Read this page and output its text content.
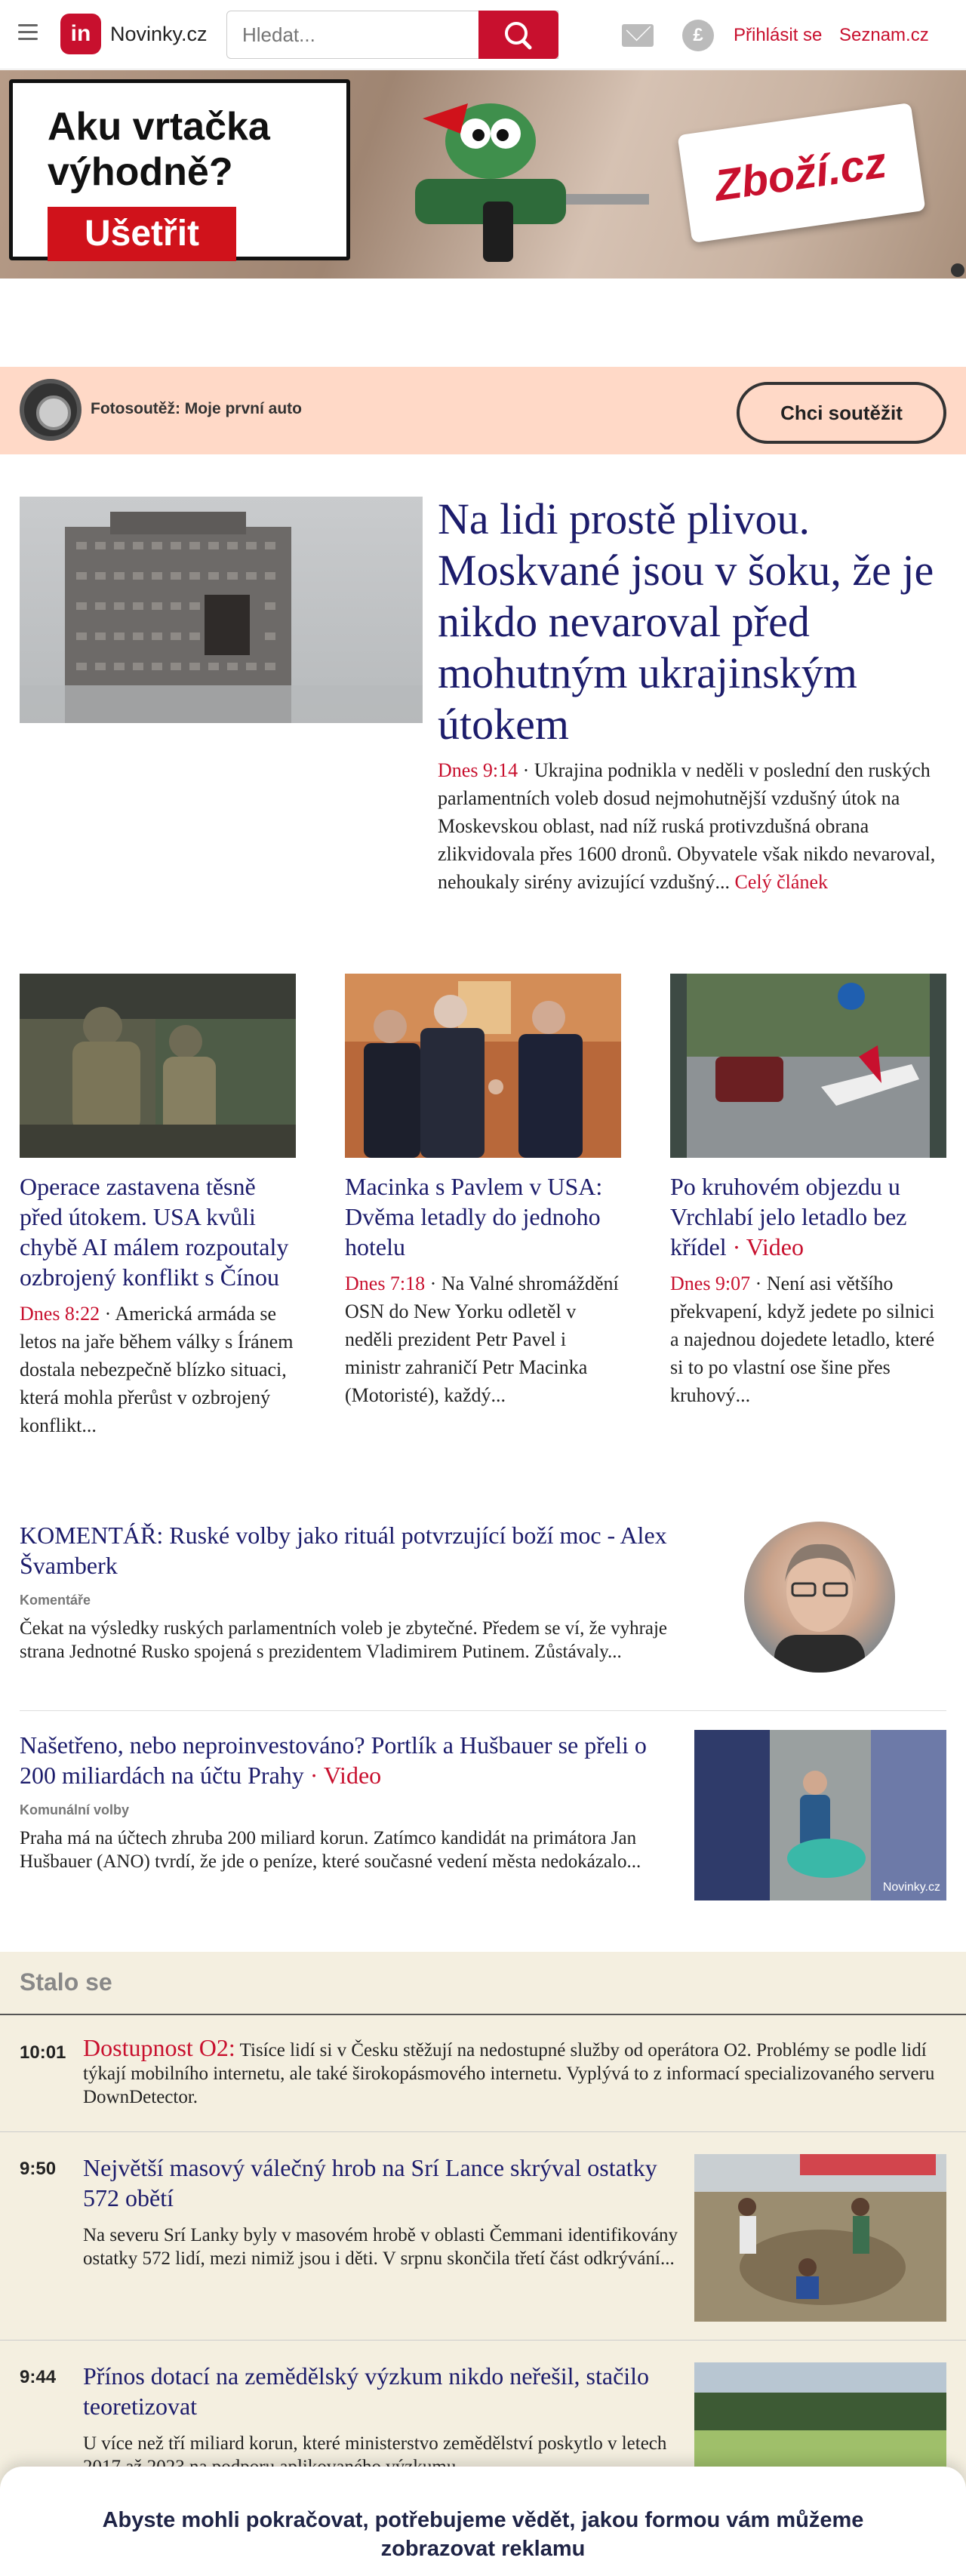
in Novinky.cz
Hledat...	£	Přihlásit se Seznam.cz
Aku vrtačka výhodně?
Ušetřit
Zboží.cz
Fotosoutěž: Moje první auto	Chci soutěžit
Na lidi prostě plivou. Moskvané jsou v šoku, že je nikdo nevaroval před mohutným ukrajinským útokem
Dnes 9:14 · Ukrajina podnikla v neděli v poslední den ruských parlamentních voleb dosud nejmohutnější vzdušný útok na Moskevskou oblast, nad níž ruská protivzdušná obrana zlikvidovala přes 1600 dronů. Obyvatele však nikdo nevaroval, nehoukaly sirény avizující vzdušný... Celý článek
Operace zastavena těsně před útokem. USA kvůli chybě AI málem rozpoutaly ozbrojený konflikt s Čínou
Dnes 8:22 · Americká armáda se letos na jaře během války s Íránem dostala nebezpečně blízko situaci, která mohla přerůst v ozbrojený konflikt...
Macinka s Pavlem v USA: Dvěma letadly do jednoho hotelu
Dnes 7:18 · Na Valné shromáždění OSN do New Yorku odletěl v neděli prezident Petr Pavel i ministr zahraničí Petr Macinka (Motoristé), každý...
Po kruhovém objezdu u Vrchlabí jelo letadlo bez křídel · Video
Dnes 9:07 · Není asi většího překvapení, když jedete po silnici a najednou dojedete letadlo, které si to po vlastní ose šine přes kruhový...
KOMENTÁŘ: Ruské volby jako rituál potvrzující boží moc - Alex Švamberk
Komentáře
Čekat na výsledky ruských parlamentních voleb je zbytečné. Předem se ví, že vyhraje strana Jednotné Rusko spojená s prezidentem Vladimirem Putinem. Zůstávaly...
Našetřeno, nebo neproinvestováno? Portlík a Hušbauer se přeli o 200 miliardách na účtu Prahy · Video
Komunální volby
Praha má na účtech zhruba 200 miliard korun. Zatímco kandidát na primátora Jan Hušbauer (ANO) tvrdí, že jde o peníze, které současné vedení města nedokázalo...
Novinky.cz
Stalo se
10:01 Dostupnost O2: Tisíce lidí si v Česku stěžují na nedostupné služby od operátora O2. Problémy se podle lidí týkají mobilního internetu, ale také širokopásmového internetu. Vyplývá to z informací specializovaného serveru DownDetector.
9:50 Největší masový válečný hrob na Srí Lance skrýval ostatky 572 obětí
Na severu Srí Lanky byly v masovém hrobě v oblasti Čemmani identifikovány ostatky 572 lidí, mezi nimiž jsou i děti. V srpnu skončila třetí část odkrývání...
9:44 Přínos dotací na zemědělský výzkum nikdo neřešil, stačilo teoretizovat
U více než tří miliard korun, které ministerstvo zemědělství poskytlo v letech
Abyste mohli pokračovat, potřebujeme vědět, jakou formou vám můžeme zobrazovat reklamu
